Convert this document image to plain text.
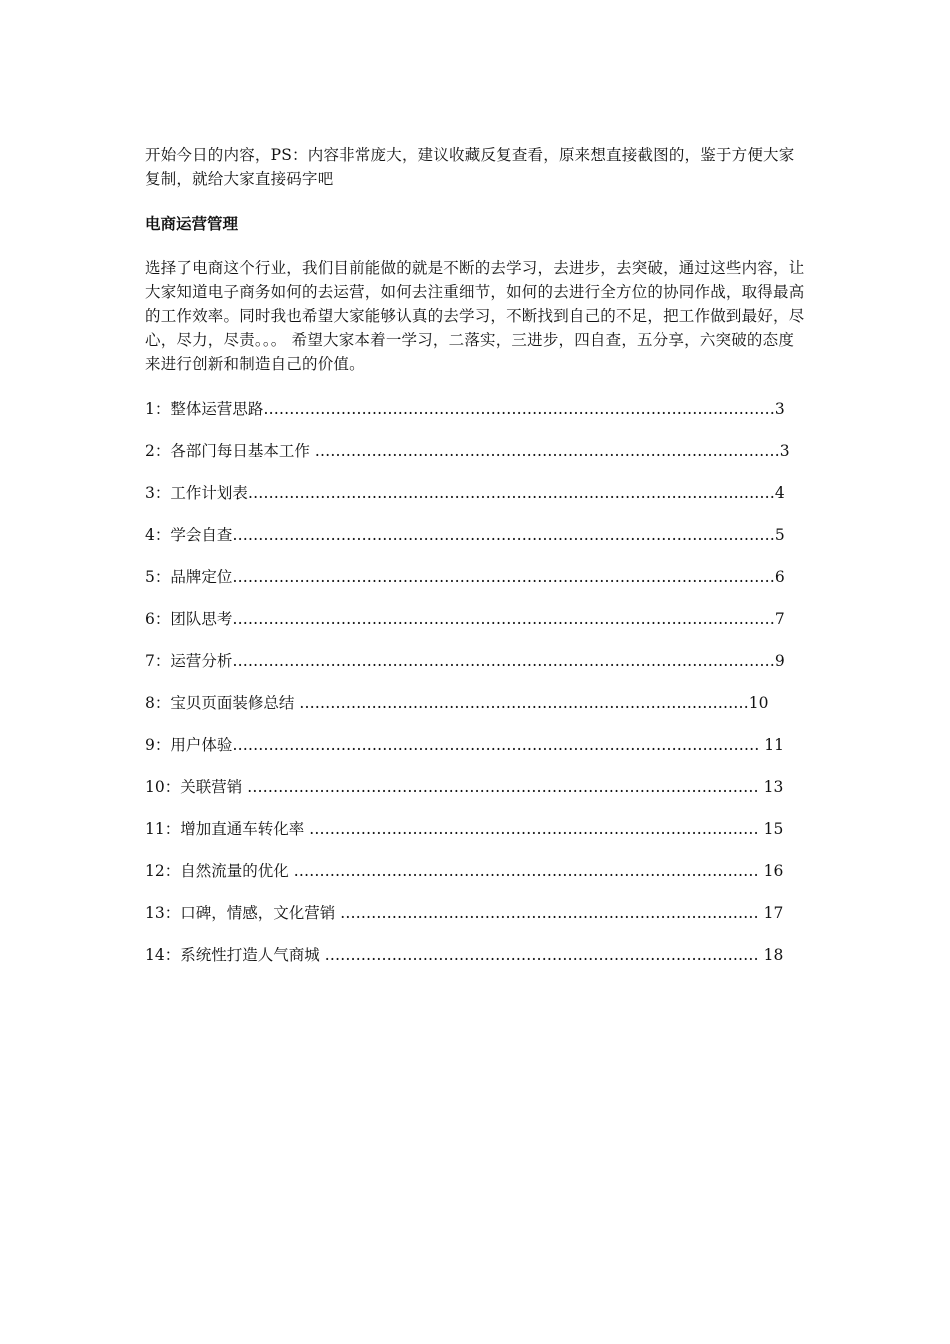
开始今日的内容，PS：内容非常庞大，建议收藏反复查看，原来想直接截图的，鉴于方便大家复制，就给大家直接码字吧

电商运营管理

选择了电商这个行业，我们目前能做的就是不断的去学习，去进步，去突破，通过这些内容，让大家知道电子商务如何的去运营，如何去注重细节，如何的去进行全方位的协同作战，取得最高的工作效率。同时我也希望大家能够认真的去学习，不断找到自己的不足，把工作做到最好，尽心，尽力，尽责。。。 希望大家本着一学习，二落实，三进步，四自查，五分享，六突破的态度来进行创新和制造自己的价值。

1：整体运营思路………………………………………………………………………………………3
2：各部门每日基本工作 ………………………………………………………………………………3
3：工作计划表…………………………………………………………………………………………4
4：学会自查……………………………………………………………………………………………5
5：品牌定位……………………………………………………………………………………………6
6：团队思考……………………………………………………………………………………………7
7：运营分析……………………………………………………………………………………………9
8：宝贝页面装修总结 ……………………………………………………………………………10
9：用户体验………………………………………………………………………………………… 11
10：关联营销 ……………………………………………………………………………………… 13
11：增加直通车转化率 …………………………………………………………………………… 15
12：自然流量的优化 ……………………………………………………………………………… 16
13：口碑，情感，文化营销 ……………………………………………………………………… 17
14：系统性打造人气商城 ………………………………………………………………………… 18
